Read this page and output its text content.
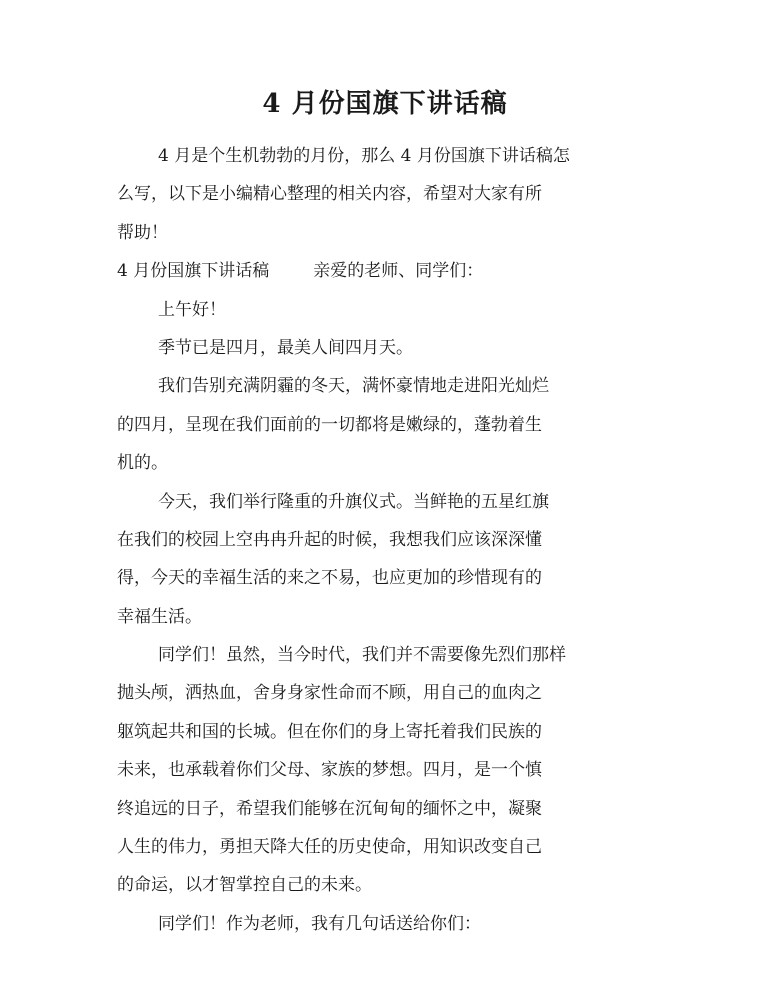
4 月份国旗下讲话稿

4 月是个生机勃勃的月份，那么 4 月份国旗下讲话稿怎

么写，以下是小编精心整理的相关内容，希望对大家有所

帮助！

4 月份国旗下讲话稿	亲爱的老师、同学们：

上午好！

季节已是四月，最美人间四月天。

我们告别充满阴霾的冬天，满怀豪情地走进阳光灿烂

的四月，呈现在我们面前的一切都将是嫩绿的，蓬勃着生

机的。

今天，我们举行隆重的升旗仪式。当鲜艳的五星红旗

在我们的校园上空冉冉升起的时候，我想我们应该深深懂

得，今天的幸福生活的来之不易，也应更加的珍惜现有的

幸福生活。

同学们！虽然，当今时代，我们并不需要像先烈们那样

抛头颅，洒热血，舍身身家性命而不顾，用自己的血肉之

躯筑起共和国的长城。但在你们的身上寄托着我们民族的

未来，也承载着你们父母、家族的梦想。四月，是一个慎

终追远的日子，希望我们能够在沉甸甸的缅怀之中，凝聚

人生的伟力，勇担天降大任的历史使命，用知识改变自己

的命运，以才智掌控自己的未来。

同学们！作为老师，我有几句话送给你们：
